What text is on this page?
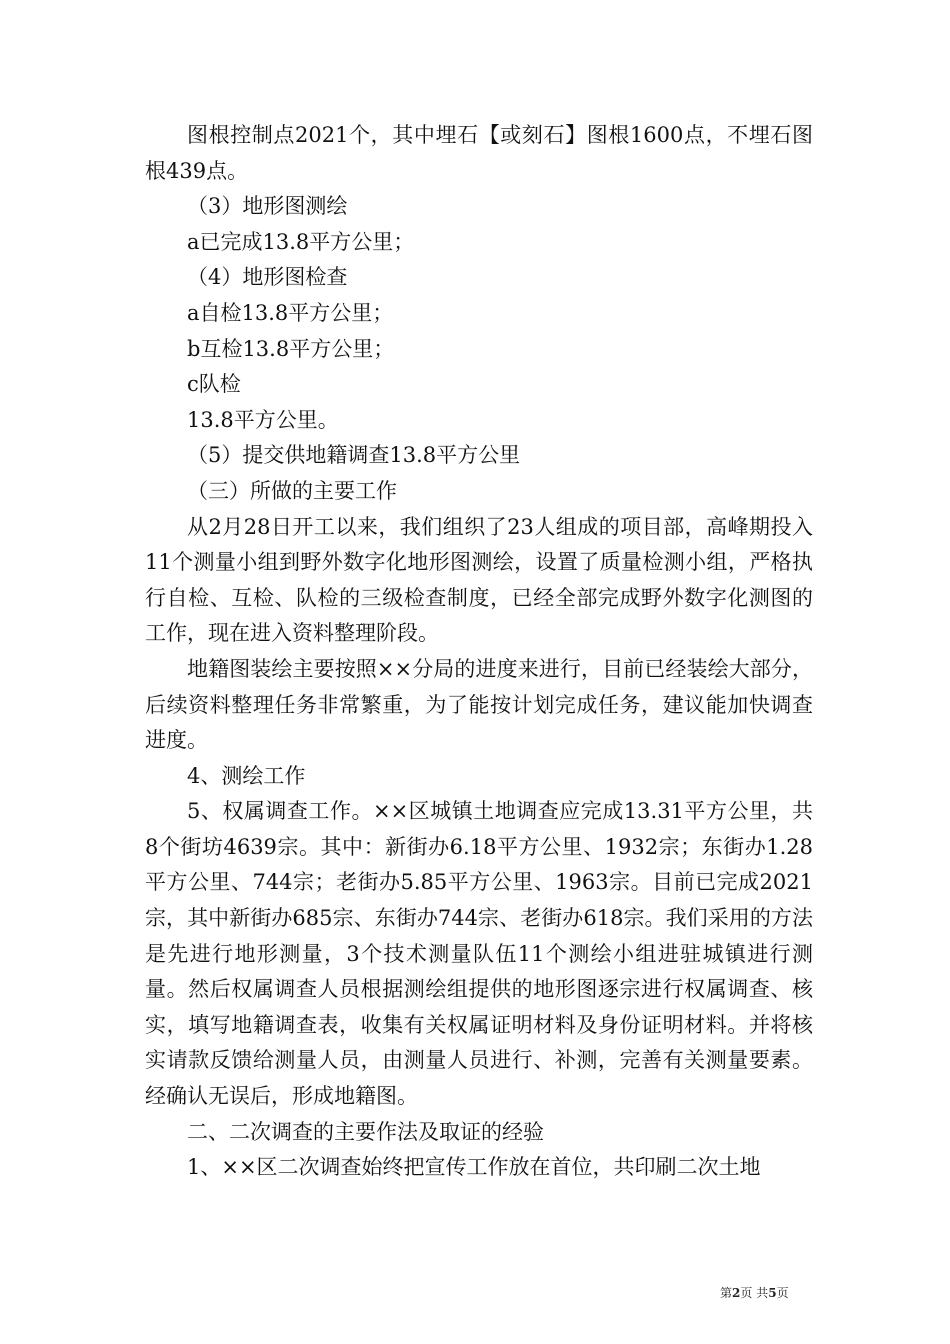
图根控制点2021个，其中埋石【或刻石】图根1600点，不埋石图根439点。

（3）地形图测绘

a已完成13.8平方公里；

（4）地形图检查

a自检13.8平方公里；

b互检13.8平方公里；

c队检

13.8平方公里。

（5）提交供地籍调查13.8平方公里

（三）所做的主要工作

从2月28日开工以来，我们组织了23人组成的项目部，高峰期投入11个测量小组到野外数字化地形图测绘，设置了质量检测小组，严格执行自检、互检、队检的三级检查制度，已经全部完成野外数字化测图的工作，现在进入资料整理阶段。

地籍图装绘主要按照××分局的进度来进行，目前已经装绘大部分，后续资料整理任务非常繁重，为了能按计划完成任务，建议能加快调查进度。

4、测绘工作

5、权属调查工作。××区城镇土地调查应完成13.31平方公里，共8个街坊4639宗。其中：新街办6.18平方公里、1932宗；东街办1.28平方公里、744宗；老街办5.85平方公里、1963宗。目前已完成2021宗，其中新街办685宗、东街办744宗、老街办618宗。我们采用的方法是先进行地形测量，3个技术测量队伍11个测绘小组进驻城镇进行测量。然后权属调查人员根据测绘组提供的地形图逐宗进行权属调查、核实，填写地籍调查表，收集有关权属证明材料及身份证明材料。并将核实请款反馈给测量人员，由测量人员进行、补测，完善有关测量要素。经确认无误后，形成地籍图。

二、二次调查的主要作法及取证的经验

1、××区二次调查始终把宣传工作放在首位，共印刷二次土地

第2页 共5页
